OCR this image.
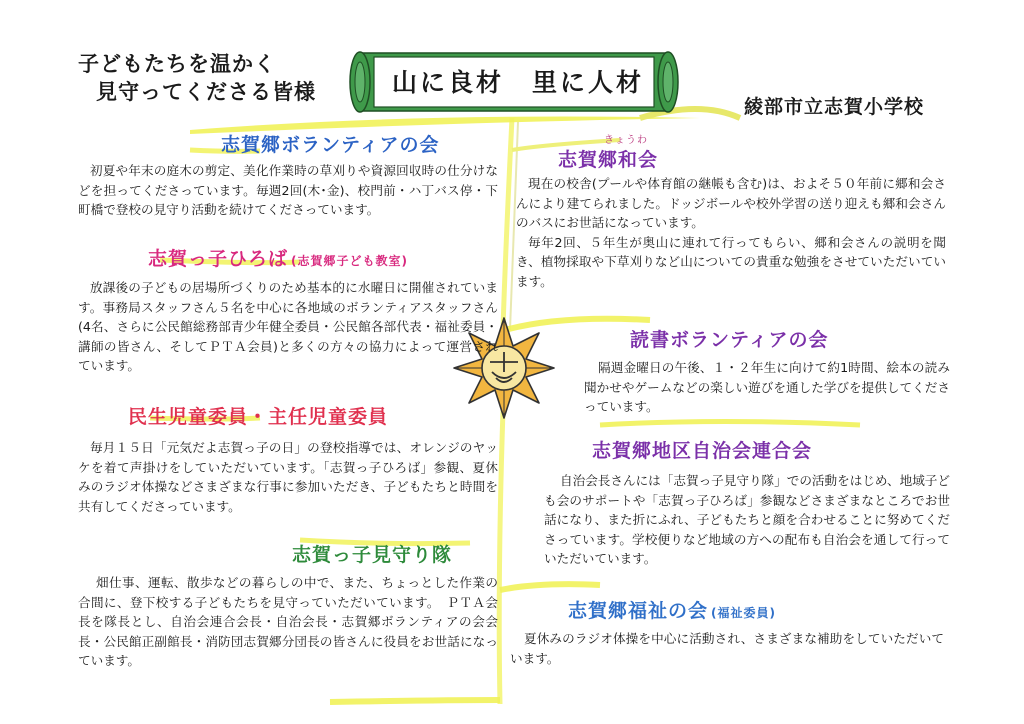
子どもたちを温かく
見守ってくださる皆様	山に良材　里に人材
綾部市立志賀小学校
志賀郷ボランティアの会
初夏や年末の庭木の剪定、美化作業時の草刈りや資源回収時の仕分けなどを担ってくださっています。毎週2回(木･金)、校門前・ハ丁バス停・下町橋で登校の見守り活動を続けてくださっています。
志賀っ子ひろば (志賀郷子ども教室)
放課後の子どもの居場所づくりのため基本的に水曜日に開催されています。事務局スタッフさん５名を中心に各地域のボランティアスタッフさん(4名、さらに公民館総務部青少年健全委員・公民館各部代表・福祉委員・講師の皆さん、そしてＰＴＡ会員)と多くの方々の協力によって運営されています。
民生児童委員・主任児童委員
毎月１５日「元気だよ志賀っ子の日」の登校指導では、オレンジのヤッケを着て声掛けをしていただいています。「志賀っ子ひろば」参観、夏休みのラジオ体操などさまざまな行事に参加いただき、子どもたちと時間を共有してくださっています。
志賀っ子見守り隊
畑仕事、運転、散歩などの暮らしの中で、また、ちょっとした作業の合間に、登下校する子どもたちを見守っていただいています。　ＰＴＡ会長を隊長とし、自治会連合会長・自治会長・志賀郷ボランティアの会会長・公民館正副館長・消防団志賀郷分団長の皆さんに役員をお世話になっています。
きょうわ
志賀郷和会
現在の校舎(プールや体育館の継帳も含む)は、およそ５０年前に郷和会さんにより建てられました。ドッジボールや校外学習の送り迎えも郷和会さんのバスにお世話になっています。
毎年2回、５年生が奥山に連れて行ってもらい、郷和会さんの説明を聞き、植物採取や下草刈りなど山についての貴重な勉強をさせていただいています。
読書ボランティアの会
隔週金曜日の午後、１・２年生に向けて約1時間、絵本の読み聞かせやゲームなどの楽しい遊びを通した学びを提供してくださっています。
志賀郷地区自治会連合会
自治会長さんには「志賀っ子見守り隊」での活動をはじめ、地域子ども会のサポートや「志賀っ子ひろば」参観などさまざまなところでお世話になり、また折にふれ、子どもたちと顔を合わせることに努めてくださっています。学校便りなど地域の方への配布も自治会を通して行っていただいています。
志賀郷福祉の会 (福祉委員)
夏休みのラジオ体操を中心に活動され、さまざまな補助をしていただいています。
